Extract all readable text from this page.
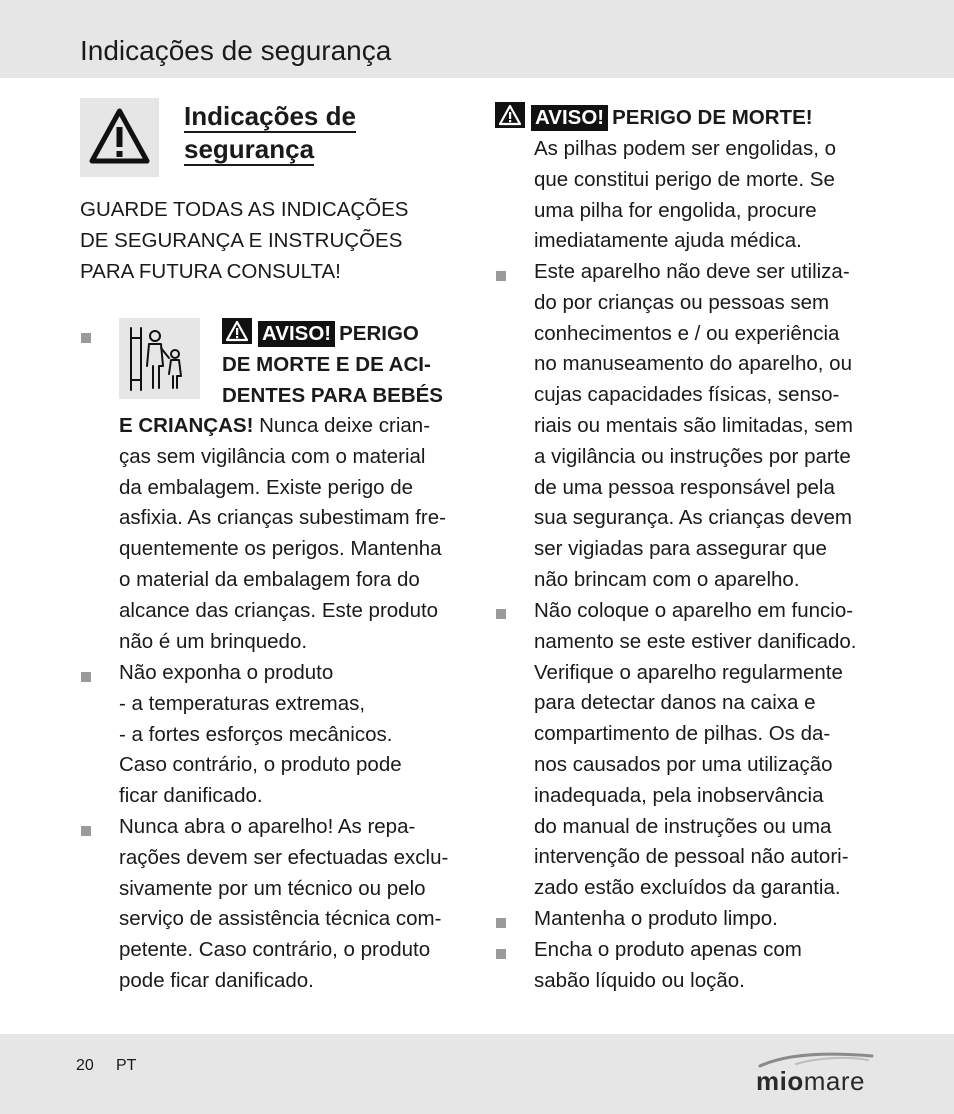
Indicações de segurança
Indicações de
segurança
GUARDE TODAS AS INDICAÇÕES
DE SEGURANÇA E INSTRUÇÕES
PARA FUTURA CONSULTA!
AVISO! PERIGO
DE MORTE E DE ACI-
DENTES PARA BEBÉS
E CRIANÇAS! Nunca deixe crian-
ças sem vigilância com o material
da embalagem. Existe perigo de
asfixia. As crianças subestimam fre-
quentemente os perigos. Mantenha
o material da embalagem fora do
alcance das crianças. Este produto
não é um brinquedo.
Não exponha o produto
- a temperaturas extremas,
- a fortes esforços mecânicos.
Caso contrário, o produto pode
ficar danificado.
Nunca abra o aparelho! As repa-
rações devem ser efectuadas exclu-
sivamente por um técnico ou pelo
serviço de assistência técnica com-
petente. Caso contrário, o produto
pode ficar danificado.
AVISO! PERIGO DE MORTE!
As pilhas podem ser engolidas, o
que constitui perigo de morte. Se
uma pilha for engolida, procure
imediatamente ajuda médica.
Este aparelho não deve ser utiliza-
do por crianças ou pessoas sem
conhecimentos e / ou experiência
no manuseamento do aparelho, ou
cujas capacidades físicas, senso-
riais ou mentais são limitadas, sem
a vigilância ou instruções por parte
de uma pessoa responsável pela
sua segurança. As crianças devem
ser vigiadas para assegurar que
não brincam com o aparelho.
Não coloque o aparelho em funcio-
namento se este estiver danificado.
Verifique o aparelho regularmente
para detectar danos na caixa e
compartimento de pilhas. Os da-
nos causados por uma utilização
inadequada, pela inobservância
do manual de instruções ou uma
intervenção de pessoal não autori-
zado estão excluídos da garantia.
Mantenha o produto limpo.
Encha o produto apenas com
sabão líquido ou loção.
20 PT
miomare
